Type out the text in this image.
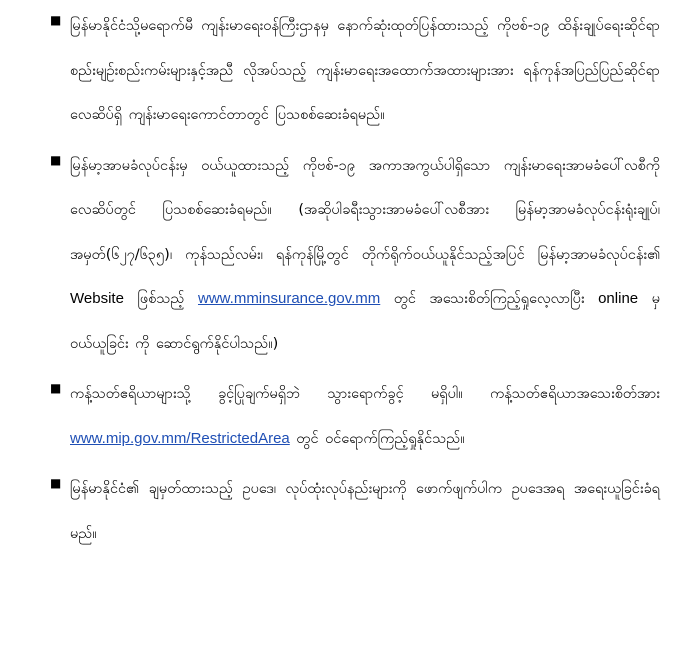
■ မြန်မာနိုင်ငံသို့မရောက်မီ ကျန်းမာရေးဝန်ကြီးဌာနမှ နောက်ဆုံးထုတ်ပြန်ထားသည့် ကိုဗစ်-၁၉ ထိန်းချုပ်ရေးဆိုင်ရာ စည်းမျဉ်းစည်းကမ်းများနှင့်အညီ လိုအပ်သည့် ကျန်းမာရေးအထောက်အထားများအား ရန်ကုန်အပြည်ပြည်ဆိုင်ရာလေဆိပ်ရှိ ကျန်းမာရေးကောင်တာတွင် ပြသစစ်ဆေးခံရမည်။
■ မြန်မာ့အာမခံလုပ်ငန်းမှ ဝယ်ယူထားသည့် ကိုဗစ်-၁၉ အကာအကွယ်ပါရှိသော ကျန်းမာရေးအာမခံပေါ်လစီကို လေဆိပ်တွင် ပြသစစ်ဆေးခံရမည်။ (အဆိုပါခရီးသွားအာမခံပေါ်လစီအား မြန်မာ့အာမခံလုပ်ငန်းရုံးချုပ်၊ အမှတ်(၆၂၇/၆၃၅)၊ ကုန်သည်လမ်း၊ ရန်ကုန်မြို့တွင် တိုက်ရိုက်ဝယ်ယူနိုင်သည့်အပြင် မြန်မာ့အာမခံလုပ်ငန်း၏ Website ဖြစ်သည့် www.mminsurance.gov.mm တွင် အသေးစိတ်ကြည့်ရှုလေ့လာပြီး online မှ ဝယ်ယူခြင်း ကို ဆောင်ရွက်နိုင်ပါသည်။)
■ ကန့်သတ်ဧရိယာများသို့ ခွင့်ပြုချက်မရှိဘဲ သွားရောက်ခွင့် မရှိပါ။ ကန့်သတ်ဧရိယာအသေးစိတ်အား www.mip.gov.mm/RestrictedArea တွင် ဝင်ရောက်ကြည့်ရှုနိုင်သည်။
■ မြန်မာနိုင်ငံ၏ ချမှတ်ထားသည့် ဥပဒေ၊ လုပ်ထုံးလုပ်နည်းများကို ဖောက်ဖျက်ပါက ဥပဒေအရ အရေးယူခြင်းခံရမည်။
